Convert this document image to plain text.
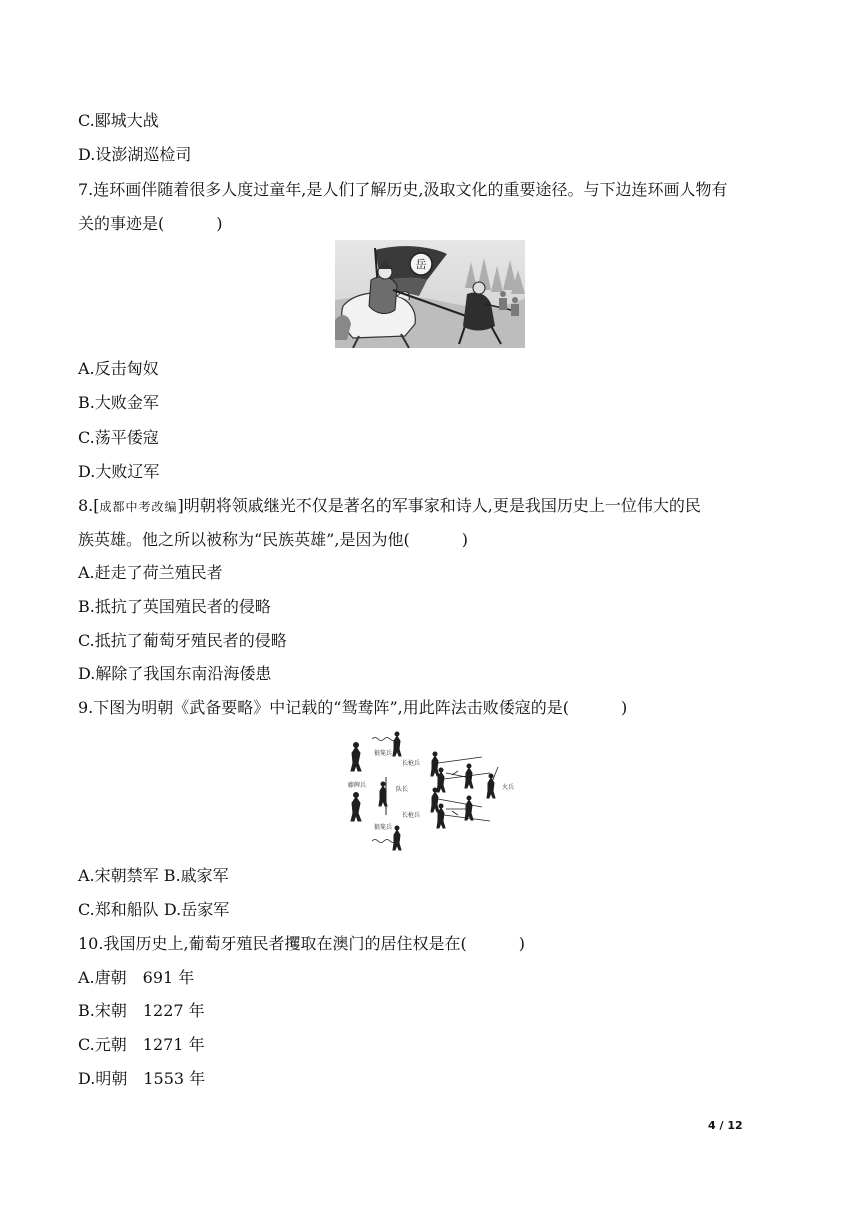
C.郾城大战
D.设澎湖巡检司
7.连环画伴随着很多人度过童年,是人们了解历史,汲取文化的重要途径。与下边连环画人物有
关的事迹是(	)
岳
A.反击匈奴
B.大败金军
C.荡平倭寇
D.大败辽军
8.[成都中考改编]明朝将领戚继光不仅是著名的军事家和诗人,更是我国历史上一位伟大的民
族英雄。他之所以被称为“民族英雄”,是因为他(	)
A.赶走了荷兰殖民者
B.抵抗了英国殖民者的侵略
C.抵抗了葡萄牙殖民者的侵略
D.解除了我国东南沿海倭患
9.下图为明朝《武备要略》中记载的“鸳鸯阵”,用此阵法击败倭寇的是(	)
狼筅兵
藤牌兵
长枪兵
队长
长枪兵
狼筅兵
火兵
A.宋朝禁军 B.戚家军
C.郑和船队 D.岳家军
10.我国历史上,葡萄牙殖民者攫取在澳门的居住权是在(	)
A.唐朝　691 年
B.宋朝　1227 年
C.元朝　1271 年
D.明朝　1553 年
4 / 12
